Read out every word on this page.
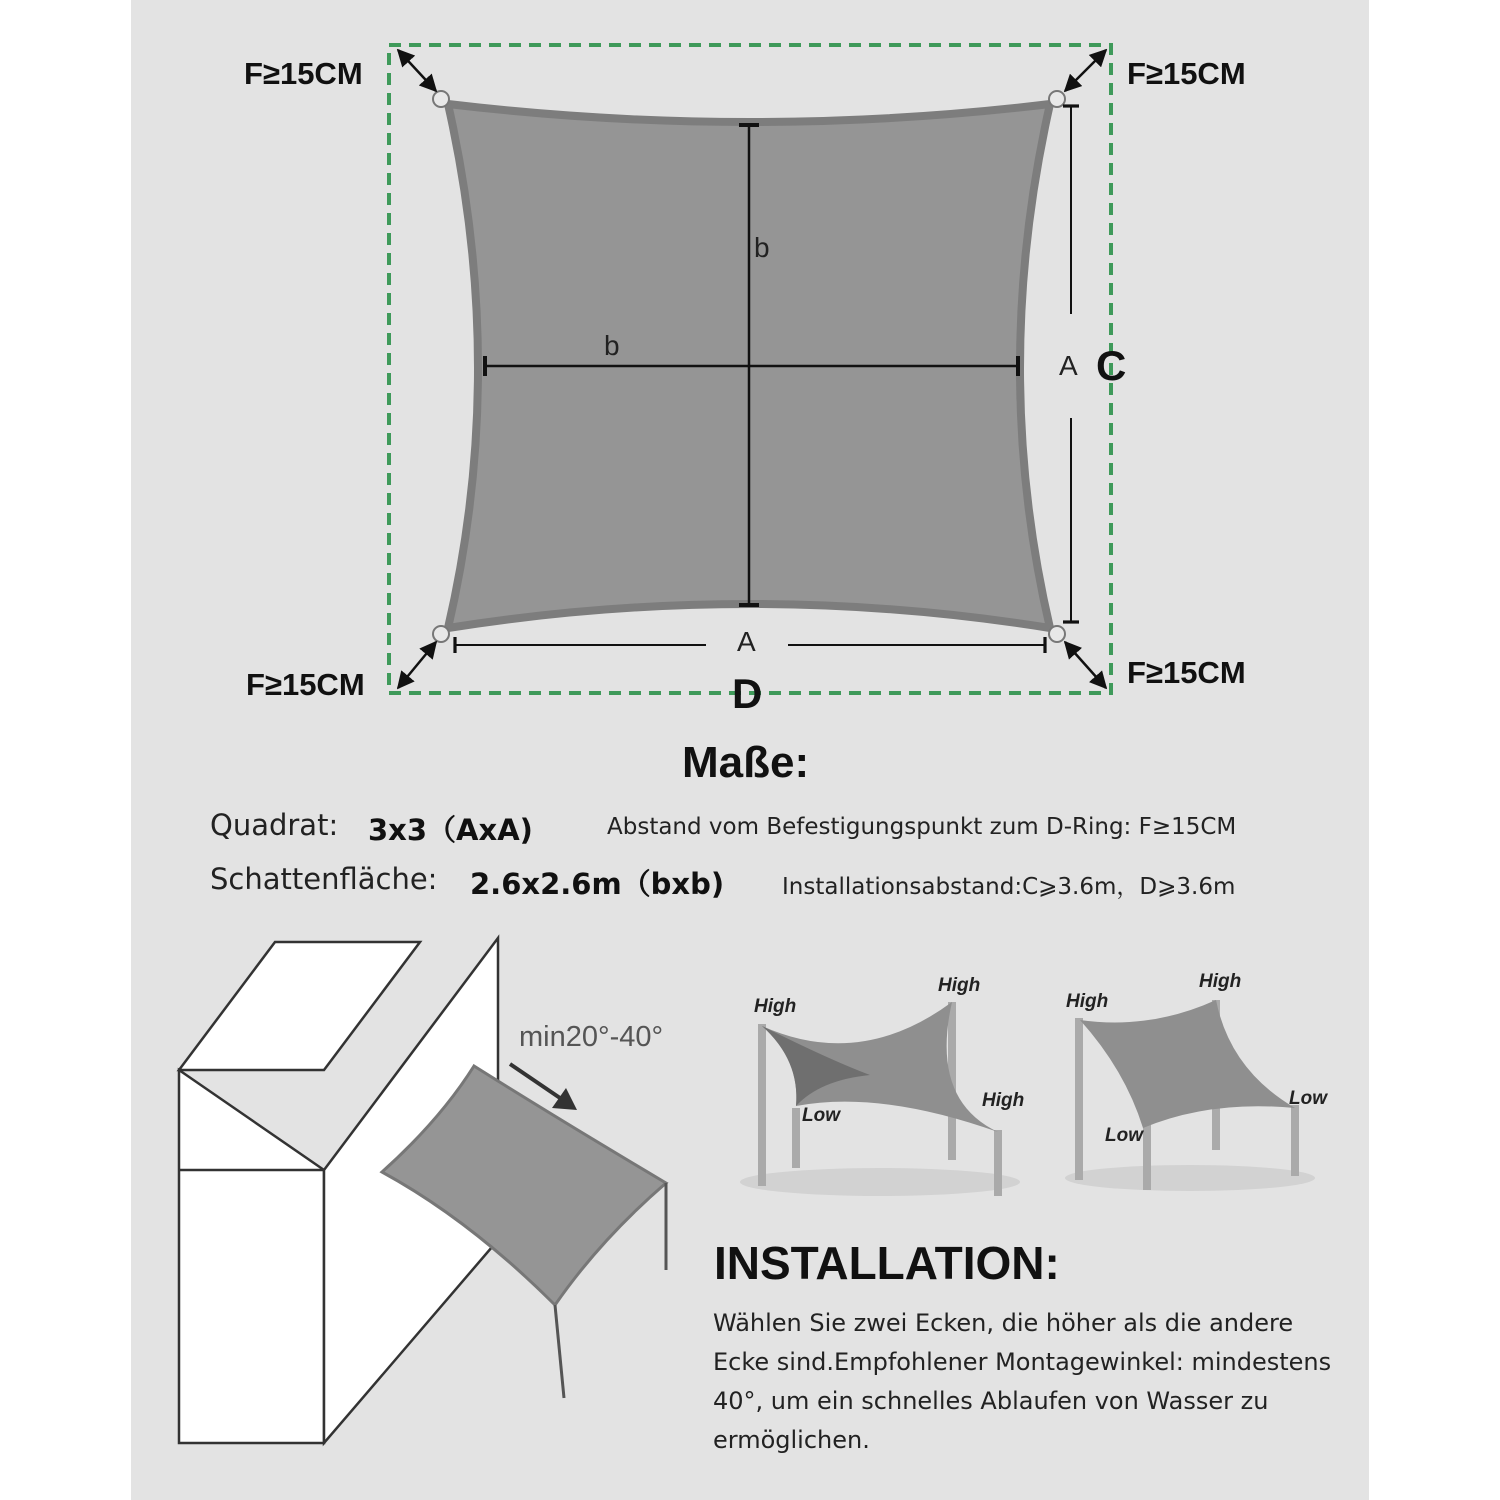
F≥15CM	F≥15CM
F≥15CM	F≥15CM
b
b
A
A
C
D
Maße:
Quadrat: 3x3（AxA)	Abstand vom Befestigungspunkt zum D-Ring: F≥15CM
Schattenfläche: 2.6x2.6m（bxb)	Installationsabstand:C⩾3.6m，D⩾3.6m
min20°-40°
High
High
High
Low
High
High
Low
Low
INSTALLATION:
Wählen Sie zwei Ecken, die höher als die andere Ecke sind.Empfohlener Montagewinkel: mindestens 40°, um ein schnelles Ablaufen von Wasser zu ermöglichen.
